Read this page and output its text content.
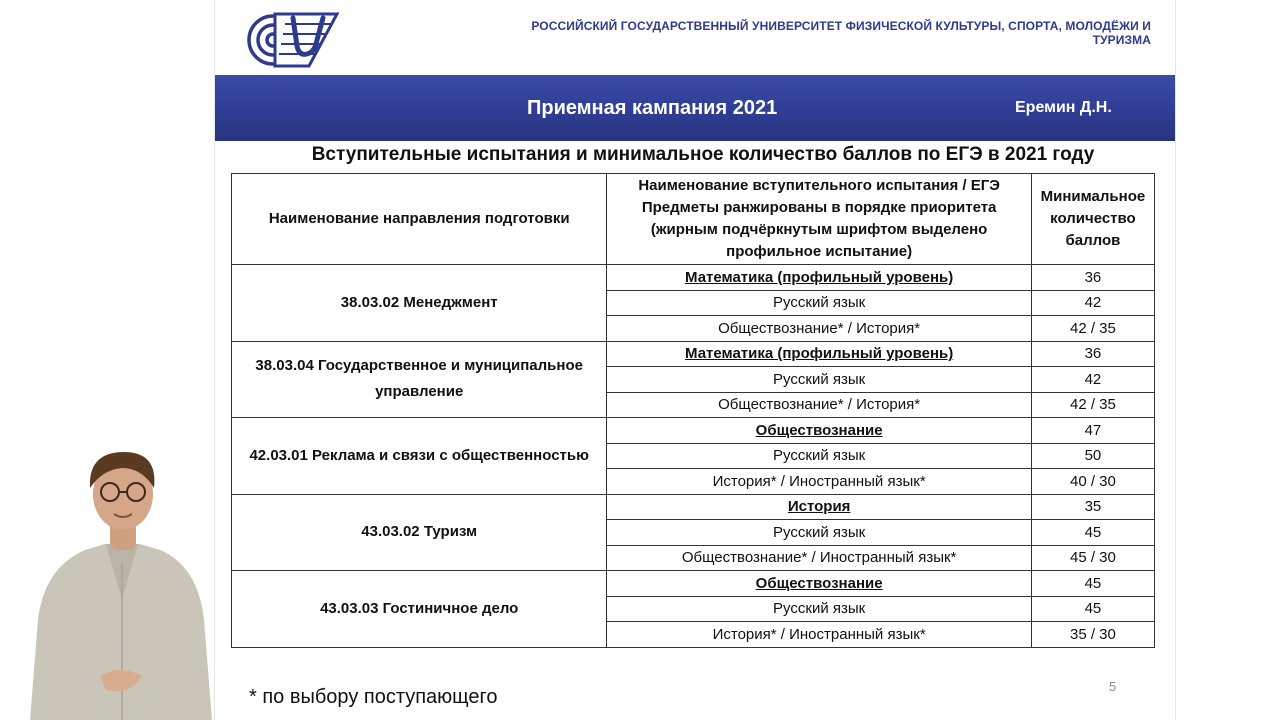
РОССИЙСКИЙ ГОСУДАРСТВЕННЫЙ УНИВЕРСИТЕТ ФИЗИЧЕСКОЙ КУЛЬТУРЫ, СПОРТА, МОЛОДЁЖИ И ТУРИЗМА
Приемная кампания 2021	Еремин Д.Н.
Вступительные испытания и минимальное количество баллов по ЕГЭ в 2021 году
Наименование направления подготовки	Наименование вступительного испытания / ЕГЭ Предметы ранжированы в порядке приоритета (жирным подчёркнутым шрифтом выделено профильное испытание)	Минимальное количество баллов
38.03.02 Менеджмент	Математика (профильный уровень)	36
	Русский язык	42
	Обществознание* / История*	42 / 35
38.03.04 Государственное и муниципальное управление	Математика (профильный уровень)	36
	Русский язык	42
	Обществознание* / История*	42 / 35
42.03.01 Реклама и связи с общественностью	Обществознание	47
	Русский язык	50
	История* / Иностранный язык*	40 / 30
43.03.02 Туризм	История	35
	Русский язык	45
	Обществознание* / Иностранный язык*	45 / 30
43.03.03 Гостиничное дело	Обществознание	45
	Русский язык	45
	История* / Иностранный язык*	35 / 30
* по выбору поступающего	5
